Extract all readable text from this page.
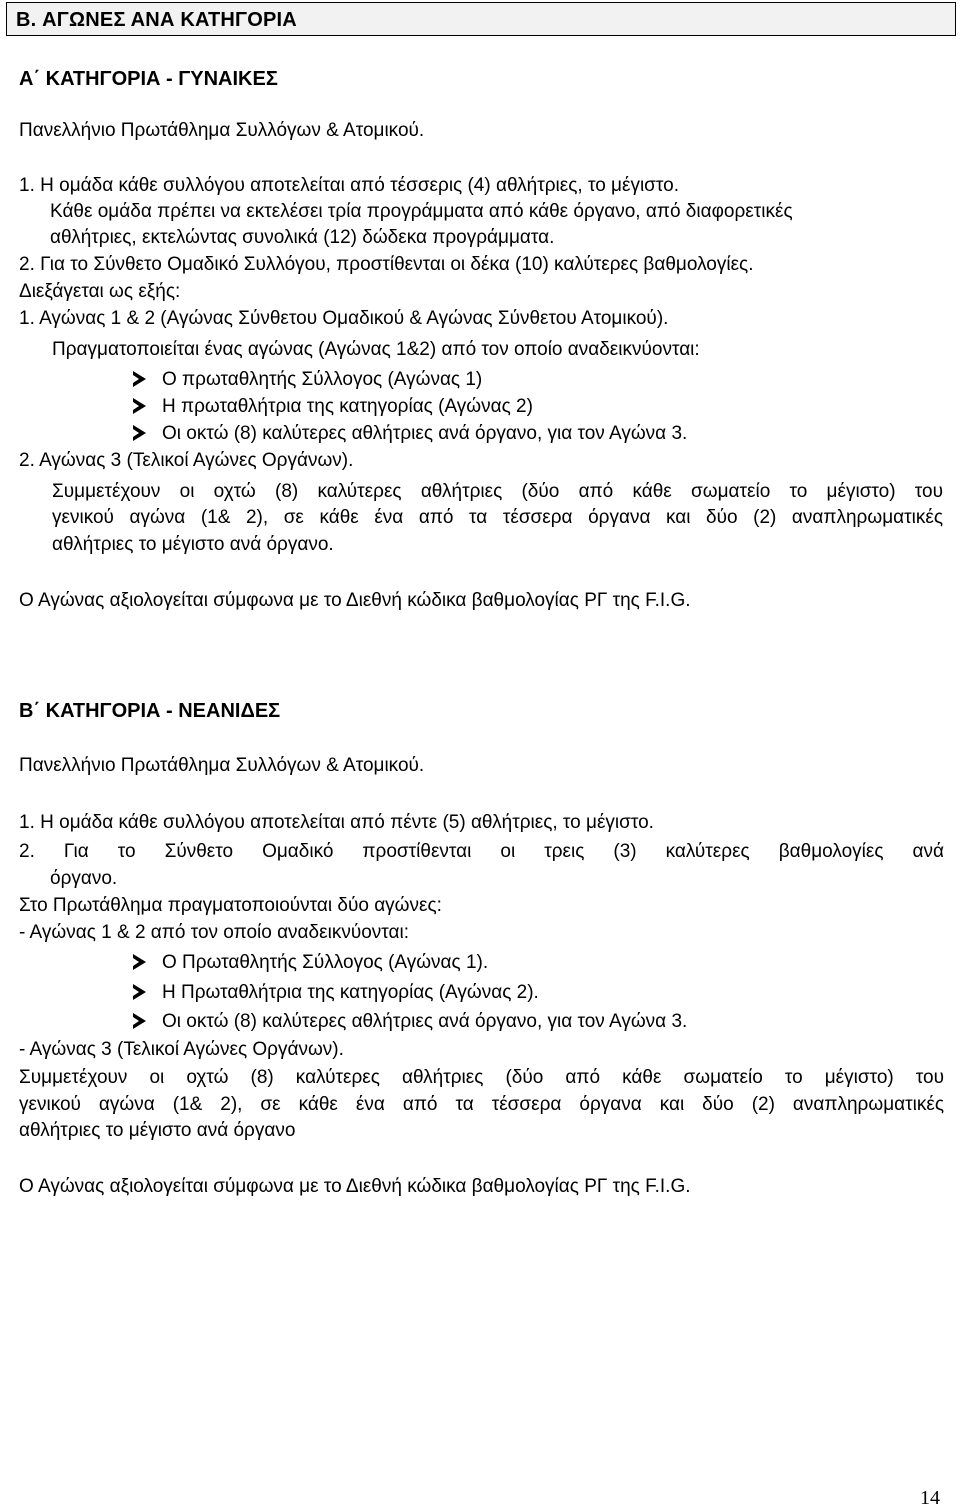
B. ΑΓΩΝΕΣ ΑΝΑ ΚΑΤΗΓΟΡΙΑ
Α΄ ΚΑΤΗΓΟΡΙΑ - ΓΥΝΑΙΚΕΣ
Πανελλήνιο Πρωτάθλημα Συλλόγων & Ατομικού.
1. Η ομάδα κάθε συλλόγου αποτελείται από τέσσερις (4) αθλήτριες, το μέγιστο.
Κάθε ομάδα πρέπει να εκτελέσει τρία προγράμματα από κάθε όργανο, από διαφορετικές
αθλήτριες, εκτελώντας συνολικά (12) δώδεκα προγράμματα.
2. Για το Σύνθετο Ομαδικό Συλλόγου, προστίθενται οι δέκα (10) καλύτερες βαθμολογίες.
Διεξάγεται ως εξής:
1. Αγώνας 1 & 2 (Αγώνας Σύνθετου Ομαδικού & Αγώνας Σύνθετου Ατομικού).
Πραγματοποιείται ένας αγώνας (Αγώνας 1&2) από τον οποίο αναδεικνύονται:
Ο πρωταθλητής Σύλλογος (Αγώνας 1)
Η πρωταθλήτρια της κατηγορίας (Αγώνας 2)
Οι οκτώ (8) καλύτερες αθλήτριες ανά όργανο, για τον Αγώνα 3.
2. Αγώνας 3 (Τελικοί Αγώνες Οργάνων).
Συμμετέχουν οι οχτώ (8) καλύτερες αθλήτριες (δύο από κάθε σωματείο το μέγιστο) του
γενικού αγώνα (1& 2), σε κάθε ένα από τα τέσσερα όργανα και δύο (2) αναπληρωματικές
αθλήτριες το μέγιστο ανά όργανο.
Ο Αγώνας αξιολογείται σύμφωνα με το Διεθνή κώδικα βαθμολογίας ΡΓ της F.I.G.
Β΄ ΚΑΤΗΓΟΡΙΑ - ΝΕΑΝΙΔΕΣ
Πανελλήνιο Πρωτάθλημα Συλλόγων & Ατομικού.
1. Η ομάδα κάθε συλλόγου αποτελείται από πέντε (5) αθλήτριες, το μέγιστο.
2. Για το Σύνθετο Ομαδικό προστίθενται οι τρεις (3) καλύτερες βαθμολογίες ανά
όργανο.
Στο Πρωτάθλημα πραγματοποιούνται δύο αγώνες:
- Αγώνας 1 & 2 από τον οποίο αναδεικνύονται:
Ο Πρωταθλητής Σύλλογος (Αγώνας 1).
Η Πρωταθλήτρια της κατηγορίας (Αγώνας 2).
Οι οκτώ (8) καλύτερες αθλήτριες ανά όργανο, για τον Αγώνα 3.
- Αγώνας 3 (Τελικοί Αγώνες Οργάνων).
Συμμετέχουν οι οχτώ (8) καλύτερες αθλήτριες (δύο από κάθε σωματείο το μέγιστο) του
γενικού αγώνα (1& 2), σε κάθε ένα από τα τέσσερα όργανα και δύο (2) αναπληρωματικές
αθλήτριες το μέγιστο ανά όργανο
Ο Αγώνας αξιολογείται σύμφωνα με το Διεθνή κώδικα βαθμολογίας ΡΓ της F.I.G.
14
